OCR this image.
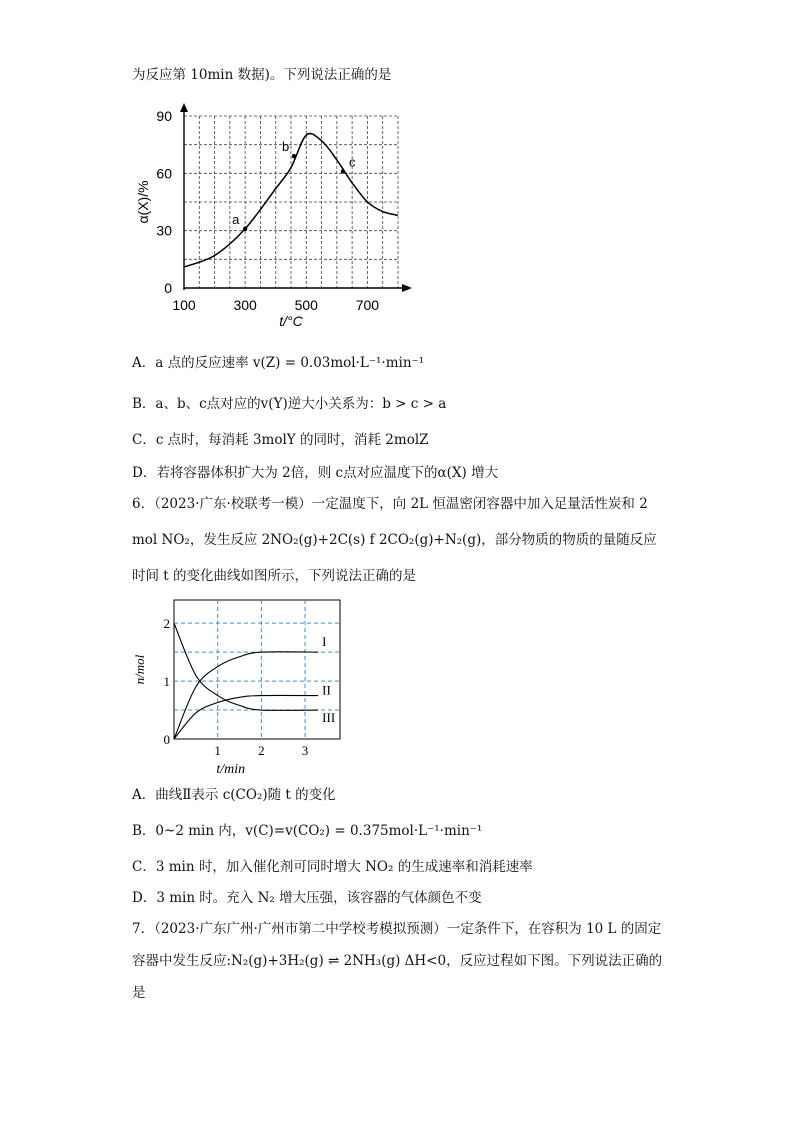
为反应第 10min 数据)。下列说法正确的是
a
b
c
0
30
60
90
100	300	500	700
α(X)/%
t/°C
A．a 点的反应速率 v(Z) = 0.03mol·L⁻¹·min⁻¹
B．a、b、c点对应的v(Y)逆大小关系为：b > c > a
C．c 点时，每消耗 3molY 的同时，消耗 2molZ
D．若将容器体积扩大为 2倍，则 c点对应温度下的α(X) 增大
6．（2023·广东·校联考一模）一定温度下，向 2L 恒温密闭容器中加入足量活性炭和 2
mol NO₂，发生反应 2NO₂(g)+2C(s) f 2CO₂(g)+N₂(g)，部分物质的物质的量随反应
时间 t 的变化曲线如图所示，下列说法正确的是
I
II
III
1
2
0
1	2	3
n/mol
t/min
A．曲线Ⅱ表示 c(CO₂)随 t 的变化
B．0~2 min 内，v(C)=v(CO₂) = 0.375mol·L⁻¹·min⁻¹
C．3 min 时，加入催化剂可同时增大 NO₂ 的生成速率和消耗速率
D．3 min 时。充入 N₂ 增大压强，该容器的气体颜色不变
7．（2023·广东广州·广州市第二中学校考模拟预测）一定条件下，在容积为 10 L 的固定
容器中发生反应:N₂(g)+3H₂(g) ⇌ 2NH₃(g) ΔH<0，反应过程如下图。下列说法正确的
是
